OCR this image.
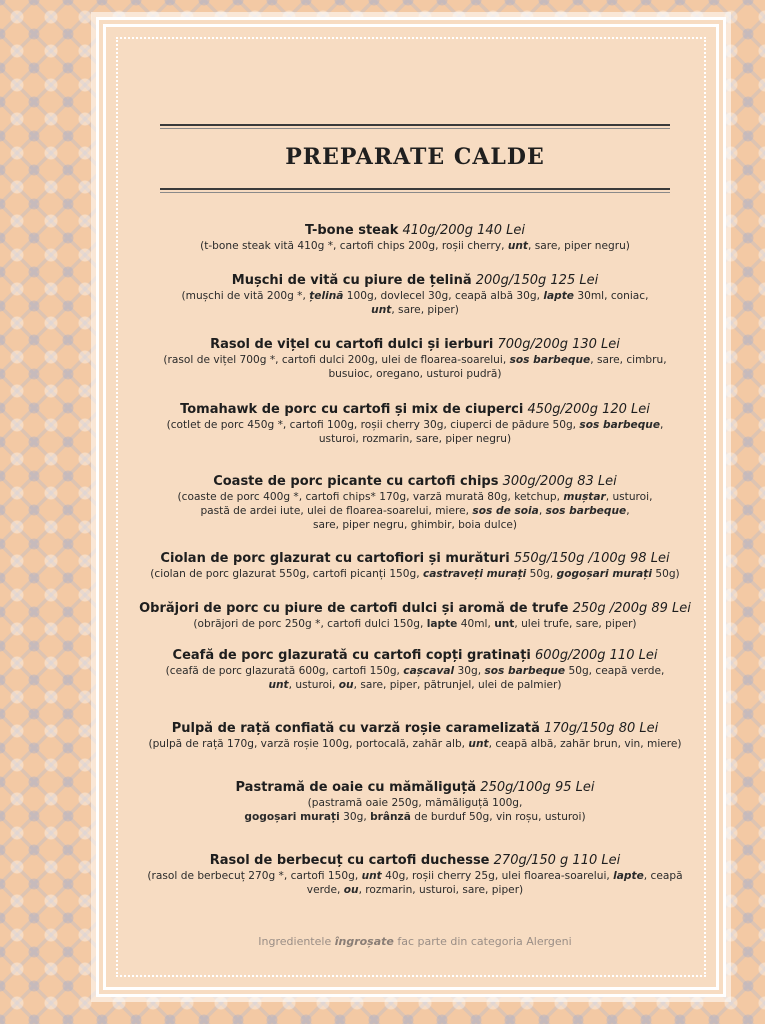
PREPARATE CALDE
T-bone steak 410g/200g 140 Lei
(t-bone steak vită 410g *, cartofi chips 200g, roșii cherry, unt, sare, piper negru)
Mușchi de vită cu piure de țelină 200g/150g 125 Lei
(mușchi de vită 200g *, țelină 100g, dovlecel 30g, ceapă albă 30g, lapte 30ml, coniac,
unt, sare, piper)
Rasol de vițel cu cartofi dulci și ierburi 700g/200g 130 Lei
(rasol de vițel 700g *, cartofi dulci 200g, ulei de floarea-soarelui, sos barbeque, sare, cimbru,
busuioc, oregano, usturoi pudră)
Tomahawk de porc cu cartofi și mix de ciuperci 450g/200g 120 Lei
(cotlet de porc 450g *, cartofi 100g, roșii cherry 30g, ciuperci de pădure 50g, sos barbeque,
usturoi, rozmarin, sare, piper negru)
Coaste de porc picante cu cartofi chips 300g/200g 83 Lei
(coaste de porc 400g *, cartofi chips* 170g, varză murată 80g, ketchup, muștar, usturoi,
pastă de ardei iute, ulei de floarea-soarelui, miere, sos de soia, sos barbeque,
sare, piper negru, ghimbir, boia dulce)
Ciolan de porc glazurat cu cartofiori și murături 550g/150g /100g 98 Lei
(ciolan de porc glazurat 550g, cartofi picanți 150g, castraveți murați 50g, gogoșari murați 50g)
Obrăjori de porc cu piure de cartofi dulci și aromă de trufe 250g /200g 89 Lei
(obrăjori de porc 250g *, cartofi dulci 150g, lapte 40ml, unt, ulei trufe, sare, piper)
Ceafă de porc glazurată cu cartofi copți gratinați 600g/200g 110 Lei
(ceafă de porc glazurată 600g, cartofi 150g, cașcaval 30g, sos barbeque 50g, ceapă verde,
unt, usturoi, ou, sare, piper, pătrunjel, ulei de palmier)
Pulpă de rață confiată cu varză roșie caramelizată 170g/150g 80 Lei
(pulpă de rață 170g, varză roșie 100g, portocală, zahăr alb, unt, ceapă albă, zahăr brun, vin, miere)
Pastramă de oaie cu mămăliguță 250g/100g 95 Lei
(pastramă oaie 250g, mămăliguță 100g,
gogoșari murați 30g, brânză de burduf 50g, vin roșu, usturoi)
Rasol de berbecuț cu cartofi duchesse 270g/150 g 110 Lei
(rasol de berbecuț 270g *, cartofi 150g, unt 40g, roșii cherry 25g, ulei floarea-soarelui, lapte, ceapă
verde, ou, rozmarin, usturoi, sare, piper)
Ingredientele îngroșate fac parte din categoria Alergeni
